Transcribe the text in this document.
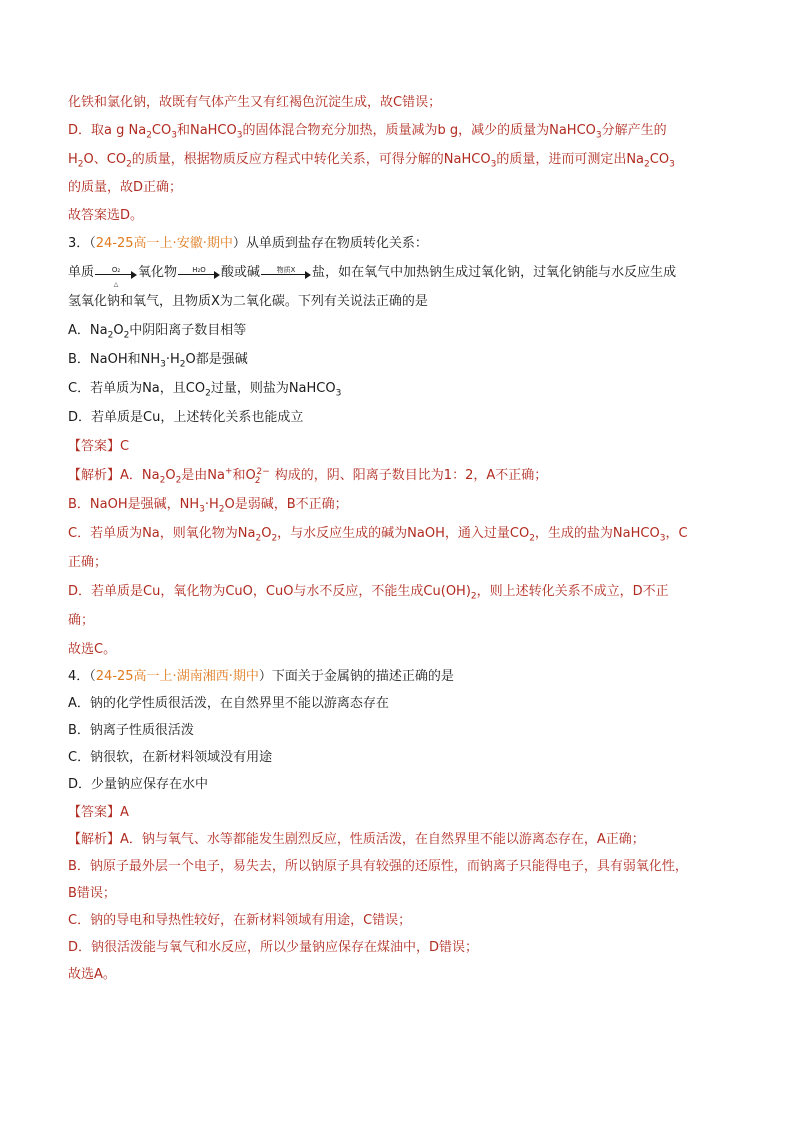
化铁和氯化钠，故既有气体产生又有红褐色沉淀生成，故C错误；
D．取a g $Na_2CO_3$和NaHCO$_3$的固体混合物充分加热，质量减为b g，减少的质量为NaHCO$_3$分解产生的
$H_2O$、$CO_2$的质量，根据物质反应方程式中转化关系，可得分解的NaHCO$_3$的质量，进而可测定出$Na_2CO_3$
的质量，故D正确；
故答案选D。
3．（24-25高一上·安徽·期中）从单质到盐存在物质转化关系：
单质	O₂
△
氧化物	H₂O	酸或碱	物质X	盐，如在氧气中加热钠生成过氧化钠，过氧化钠能与水反应生成
氢氧化钠和氧气，且物质X为二氧化碳。下列有关说法正确的是
A．$Na_2O_2$中阴阳离子数目相等
B．NaOH和$NH_3\cdot H_2O$都是强碱
C．若单质为Na，且$CO_2$过量，则盐为NaHCO$_3$
D．若单质是Cu，上述转化关系也能成立
【答案】C
【解析】A．$Na_2O_2$是由Na+和$O_2^{2-}$ 构成的，阴、阳离子数目比为1：2，A不正确；
B．NaOH是强碱，$NH_3\cdot H_2O$是弱碱，B不正确；
C．若单质为Na，则氧化物为$Na_2O_2$，与水反应生成的碱为NaOH，通入过量$CO_2$，生成的盐为NaHCO$_3$，C
正确；
D．若单质是Cu，氧化物为CuO，CuO与水不反应，不能生成$Cu(OH)_2$，则上述转化关系不成立，D不正
确；
故选C。
4．（24-25高一上·湖南湘西·期中）下面关于金属钠的描述正确的是
A．钠的化学性质很活泼，在自然界里不能以游离态存在
B．钠离子性质很活泼
C．钠很软，在新材料领域没有用途
D．少量钠应保存在水中
【答案】A
【解析】A．钠与氧气、水等都能发生剧烈反应，性质活泼，在自然界里不能以游离态存在，A正确；
B．钠原子最外层一个电子，易失去，所以钠原子具有较强的还原性，而钠离子只能得电子，具有弱氧化性，
B错误；
C．钠的导电和导热性较好，在新材料领域有用途，C错误；
D．钠很活泼能与氧气和水反应，所以少量钠应保存在煤油中，D错误；
故选A。
